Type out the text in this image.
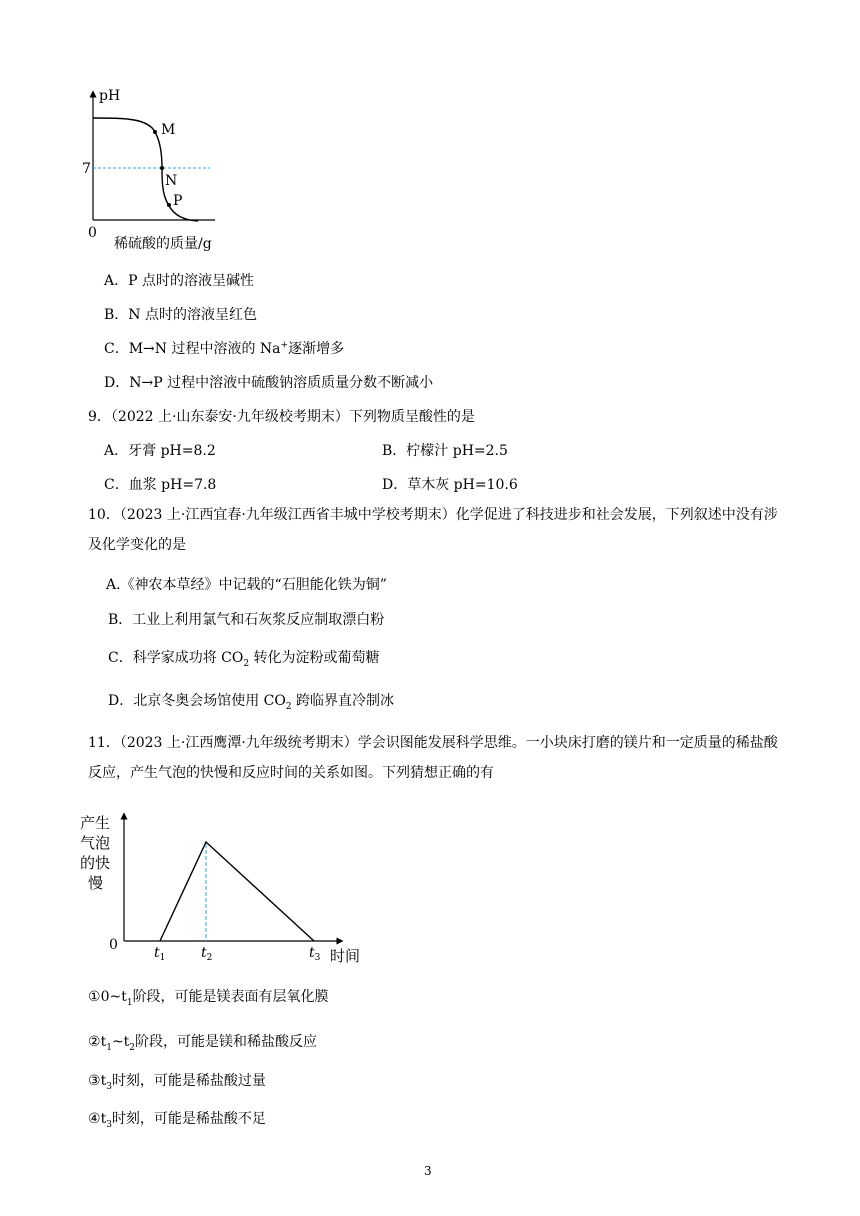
pH
7
0
M
N
P
稀硫酸的质量/g
A．P 点时的溶液呈碱性
B．N 点时的溶液呈红色
C．M→N 过程中溶液的 Na+逐渐增多
D．N→P 过程中溶液中硫酸钠溶质质量分数不断减小
9．（2022 上·山东泰安·九年级校考期末）下列物质呈酸性的是
A．牙膏 pH=8.2	B．柠檬汁 pH=2.5
C．血浆 pH=7.8	D．草木灰 pH=10.6
10．（2023 上·江西宜春·九年级江西省丰城中学校考期末）化学促进了科技进步和社会发展，下列叙述中没有涉及化学变化的是
A.《神农本草经》中记载的“石胆能化铁为铜”
B．工业上利用氯气和石灰浆反应制取漂白粉
C．科学家成功将 $CO_2$ 转化为淀粉或葡萄糖
D．北京冬奥会场馆使用 $CO_2$ 跨临界直冷制冰
11．（2023 上·江西鹰潭·九年级统考期末）学会识图能发展科学思维。一小块床打磨的镁片和一定质量的稀盐酸反应，产生气泡的快慢和反应时间的关系如图。下列猜想正确的有
产生
气泡
的快
慢
0	$t_1$	$t_2$	$t_3$ 时间
$①0\sim t_1$阶段，可能是镁表面有层氧化膜
$②t_1\sim t_2$阶段，可能是镁和稀盐酸反应
$③t_3$时刻，可能是稀盐酸过量
$④t_3$时刻，可能是稀盐酸不足
3
